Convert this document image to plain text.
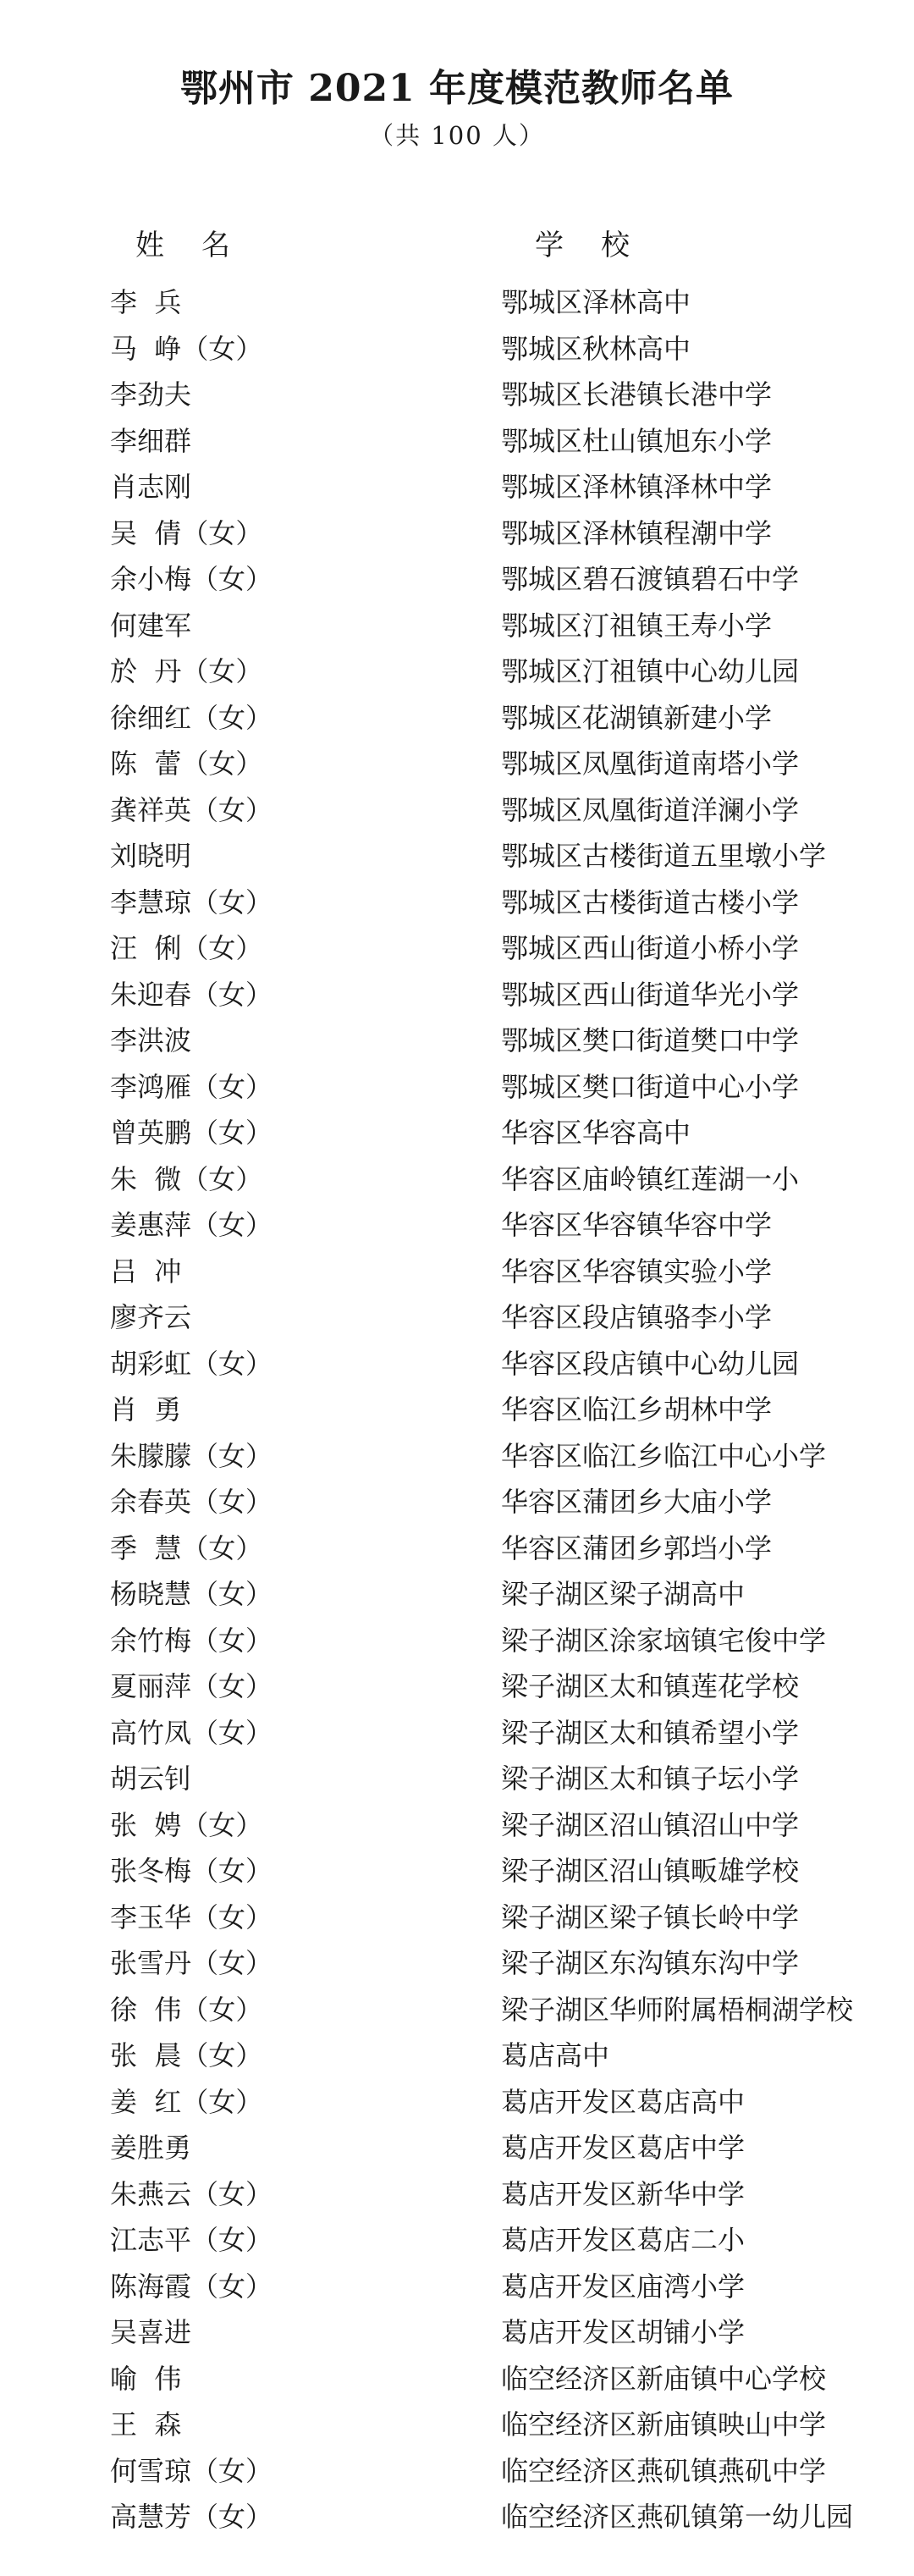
鄂州市 2021 年度模范教师名单

（共 100 人）

姓名	学校
李  兵	鄂城区泽林高中
马  峥（女）	鄂城区秋林高中
李劲夫	鄂城区长港镇长港中学
李细群	鄂城区杜山镇旭东小学
肖志刚	鄂城区泽林镇泽林中学
吴  倩（女）	鄂城区泽林镇程潮中学
余小梅（女）	鄂城区碧石渡镇碧石中学
何建军	鄂城区汀祖镇王寿小学
於  丹（女）	鄂城区汀祖镇中心幼儿园
徐细红（女）	鄂城区花湖镇新建小学
陈  蕾（女）	鄂城区凤凰街道南塔小学
龚祥英（女）	鄂城区凤凰街道洋澜小学
刘晓明	鄂城区古楼街道五里墩小学
李慧琼（女）	鄂城区古楼街道古楼小学
汪  俐（女）	鄂城区西山街道小桥小学
朱迎春（女）	鄂城区西山街道华光小学
李洪波	鄂城区樊口街道樊口中学
李鸿雁（女）	鄂城区樊口街道中心小学
曾英鹏（女）	华容区华容高中
朱  微（女）	华容区庙岭镇红莲湖一小
姜惠萍（女）	华容区华容镇华容中学
吕  冲	华容区华容镇实验小学
廖齐云	华容区段店镇骆李小学
胡彩虹（女）	华容区段店镇中心幼儿园
肖  勇	华容区临江乡胡林中学
朱朦朦（女）	华容区临江乡临江中心小学
余春英（女）	华容区蒲团乡大庙小学
季  慧（女）	华容区蒲团乡郭垱小学
杨晓慧（女）	梁子湖区梁子湖高中
余竹梅（女）	梁子湖区涂家垴镇宅俊中学
夏丽萍（女）	梁子湖区太和镇莲花学校
高竹凤（女）	梁子湖区太和镇希望小学
胡云钊	梁子湖区太和镇子坛小学
张  娉（女）	梁子湖区沼山镇沼山中学
张冬梅（女）	梁子湖区沼山镇畈雄学校
李玉华（女）	梁子湖区梁子镇长岭中学
张雪丹（女）	梁子湖区东沟镇东沟中学
徐  伟（女）	梁子湖区华师附属梧桐湖学校
张  晨（女）	葛店高中
姜  红（女）	葛店开发区葛店高中
姜胜勇	葛店开发区葛店中学
朱燕云（女）	葛店开发区新华中学
江志平（女）	葛店开发区葛店二小
陈海霞（女）	葛店开发区庙湾小学
吴喜进	葛店开发区胡铺小学
喻  伟	临空经济区新庙镇中心学校
王  森	临空经济区新庙镇映山中学
何雪琼（女）	临空经济区燕矶镇燕矶中学
高慧芳（女）	临空经济区燕矶镇第一幼儿园
